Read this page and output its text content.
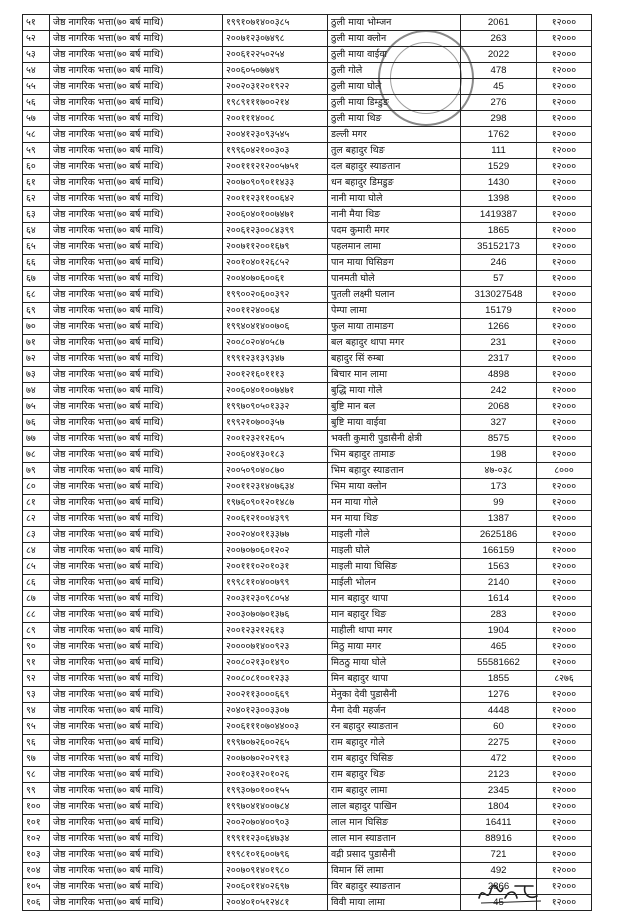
५१	जेष्ठ नागरिक भत्ता(७० बर्ष माथि)	१९९१०७१४००३८५	ठुली माया भोम्जन	2061	१२०००
५२	जेष्ठ नागरिक भत्ता(७० बर्ष माथि)	२००७१२३०७४९८	ठुली माया क्लोन	263	१२०००
५३	जेष्ठ नागरिक भत्ता(७० बर्ष माथि)	२००६१२२५०२५४	ठुली माया वाईवा	2022	१२०००
५४	जेष्ठ नागरिक भत्ता(७० बर्ष माथि)	२००६०५०७७४९	ठुली गोले	478	१२०००
५५	जेष्ठ नागरिक भत्ता(७० बर्ष माथि)	२००२०३१२०१९२२	ठुली माया घोले	45	१२०००
५६	जेष्ठ नागरिक भत्ता(७० बर्ष माथि)	१९८९१११७००२१४	ठुली माया डिम्डुङ	276	१२०००
५७	जेष्ठ नागरिक भत्ता(७० बर्ष माथि)	२००१११४००८	ठुली माया थिङ	298	१२०००
५८	जेष्ठ नागरिक भत्ता(७० बर्ष माथि)	२००४१२३०९३५४५	डल्ली मगर	1762	१२०००
५९	जेष्ठ नागरिक भत्ता(७० बर्ष माथि)	१९९६०४२१००३०३	तुल बहादुर थिङ	111	१२०००
६०	जेष्ठ नागरिक भत्ता(७० बर्ष माथि)	२००१११२१२००५७५१	दल बहादुर स्याङतान	1529	१२०००
६१	जेष्ठ नागरिक भत्ता(७० बर्ष माथि)	२००७०९०९०११४३३	धन बहादुर डिमडुङ	1430	१२०००
६२	जेष्ठ नागरिक भत्ता(७० बर्ष माथि)	२००११२३११००६४२	नानी माया घोले	1398	१२०००
६३	जेष्ठ नागरिक भत्ता(७० बर्ष माथि)	२००६०४०१००७४७१	नानी मैया थिङ	1419387	१२०००
६४	जेष्ठ नागरिक भत्ता(७० बर्ष माथि)	२००६१२३००८४३९९	पदम कुमारी मगर	1865	१२०००
६५	जेष्ठ नागरिक भत्ता(७० बर्ष माथि)	२००७११२००१६७९	पहलमान लामा	35152173	१२०००
६६	जेष्ठ नागरिक भत्ता(७० बर्ष माथि)	२००१०४०१२६८५२	पान माया घिसिङग	246	१२०००
६७	जेष्ठ नागरिक भत्ता(७० बर्ष माथि)	२००४०७०६००६१	पानमती घोले	57	१२०००
६८	जेष्ठ नागरिक भत्ता(७० बर्ष माथि)	१९९००२०६००३९२	पुतली लक्ष्मी घलान	313027548	१२०००
६९	जेष्ठ नागरिक भत्ता(७० बर्ष माथि)	२००११२४००६४	पेम्पा लामा	15179	१२०००
७०	जेष्ठ नागरिक भत्ता(७० बर्ष माथि)	१९९४०४१४००७०६	फुल माया तामाङग	1266	१२०००
७१	जेष्ठ नागरिक भत्ता(७० बर्ष माथि)	२००८०२०४०५८७	बल बहादुर थापा मगर	231	१२०००
७२	जेष्ठ नागरिक भत्ता(७० बर्ष माथि)	१९९१२३१३९३४७	बहादुर सिं रुम्बा	2317	१२०००
७३	जेष्ठ नागरिक भत्ता(७० बर्ष माथि)	२००१२१६०१११३	बिचार मान लामा	4898	१२०००
७४	जेष्ठ नागरिक भत्ता(७० बर्ष माथि)	२००६०४०१००७४७१	बुद्धि माया गोले	242	१२०००
७५	जेष्ठ नागरिक भत्ता(७० बर्ष माथि)	१९९७०९०५०१३३२	बुष्टि मान बल	2068	१२०००
७६	जेष्ठ नागरिक भत्ता(७० बर्ष माथि)	१९९२१०७००३५७	बुष्टि माया वाईवा	327	१२०००
७७	जेष्ठ नागरिक भत्ता(७० बर्ष माथि)	२००१२३२१२६०५	भक्ती कुमारी पुडासैनी क्षेत्री	8575	१२०००
७८	जेष्ठ नागरिक भत्ता(७० बर्ष माथि)	२००६०४१३०१८३	भिम बहादुर तामाङ	198	१२०००
७९	जेष्ठ नागरिक भत्ता(७० बर्ष माथि)	२००५०९०४०८७०	भिम बहादुर स्याङतान	४७-०३८	८०००
८०	जेष्ठ नागरिक भत्ता(७० बर्ष माथि)	२००११२३१४०७६३४	भिम माया क्लोन	173	१२०००
८१	जेष्ठ नागरिक भत्ता(७० बर्ष माथि)	१९७६०९०१२०१४८७	मन माया गोले	99	१२०००
८२	जेष्ठ नागरिक भत्ता(७० बर्ष माथि)	२००६१२१००४३९९	मन माया थिङ	1387	१२०००
८३	जेष्ठ नागरिक भत्ता(७० बर्ष माथि)	२००२०४०११३३७७	माइली गोले	2625186	१२०००
८४	जेष्ठ नागरिक भत्ता(७० बर्ष माथि)	२००७०७०६०१२०२	माइली घोले	166159	१२०००
८५	जेष्ठ नागरिक भत्ता(७० बर्ष माथि)	२००१११०२०१०३१	माइली माया घिसिङ	1563	१२०००
८६	जेष्ठ नागरिक भत्ता(७० बर्ष माथि)	१९९८११०४००७९९	माईली भोलन	2140	१२०००
८७	जेष्ठ नागरिक भत्ता(७० बर्ष माथि)	२००३१२३०९८०५४	मान बहादुर थापा	1614	१२०००
८८	जेष्ठ नागरिक भत्ता(७० बर्ष माथि)	२००३०७०७०१३७६	मान बहादुर थिङ	283	१२०००
८९	जेष्ठ नागरिक भत्ता(७० बर्ष माथि)	२००१२३२१२६१३	माहीली थापा मगर	1904	१२०००
९०	जेष्ठ नागरिक भत्ता(७० बर्ष माथि)	२००००७१४००९२३	मिठु माया मगर	465	१२०००
९१	जेष्ठ नागरिक भत्ता(७० बर्ष माथि)	२००८०२१३०१४९०	मिठठु माया घोले	55581662	१२०००
९२	जेष्ठ नागरिक भत्ता(७० बर्ष माथि)	२००८०८१००१२३३	मिन बहादुर थापा	1855	८२७६
९३	जेष्ठ नागरिक भत्ता(७० बर्ष माथि)	२००२११३०००६६९	मेनुका देवी पुडासैनी	1276	१२०००
९४	जेष्ठ नागरिक भत्ता(७० बर्ष माथि)	२०४०१२३००३३०७	मैना देवी महर्जन	4448	१२०००
९५	जेष्ठ नागरिक भत्ता(७० बर्ष माथि)	२००६१११०७०४४००३	रन बहादुर स्याङतान	60	१२०००
९६	जेष्ठ नागरिक भत्ता(७० बर्ष माथि)	१९९७०७२६००२६५	राम बहादुर गोले	2275	१२०००
९७	जेष्ठ नागरिक भत्ता(७० बर्ष माथि)	२००७०७०२०२९१३	राम बहादुर घिसिङ	472	१२०००
९८	जेष्ठ नागरिक भत्ता(७० बर्ष माथि)	२००१०३१२०१०२६	राम बहादुर थिङ	2123	१२०००
९९	जेष्ठ नागरिक भत्ता(७० बर्ष माथि)	१९९३०७०१००१५५	राम बहादुर लामा	2345	१२०००
१००	जेष्ठ नागरिक भत्ता(७० बर्ष माथि)	१९९७०४१४००७८४	लाल बहादुर पाखिन	1804	१२०००
१०१	जेष्ठ नागरिक भत्ता(७० बर्ष माथि)	२००२०७०४००९०३	लाल मान घिसिङ	16411	१२०००
१०२	जेष्ठ नागरिक भत्ता(७० बर्ष माथि)	१९९११२३०६४७३४	लाल मान स्याङतान	88916	१२०००
१०३	जेष्ठ नागरिक भत्ता(७० बर्ष माथि)	१९९८१०१६००७९६	वद्री प्रसाद पुडासैनी	721	१२०००
१०४	जेष्ठ नागरिक भत्ता(७० बर्ष माथि)	२००७०९१४०१९८०	विमान सिं लामा	492	१२०००
१०५	जेष्ठ नागरिक भत्ता(७० बर्ष माथि)	२००६०११४०२६९७	विर बहादुर स्याङतान	2866	१२०००
१०६	जेष्ठ नागरिक भत्ता(७० बर्ष माथि)	२००४०१०५१२४८१	विवी माया लामा	45	१२०००
